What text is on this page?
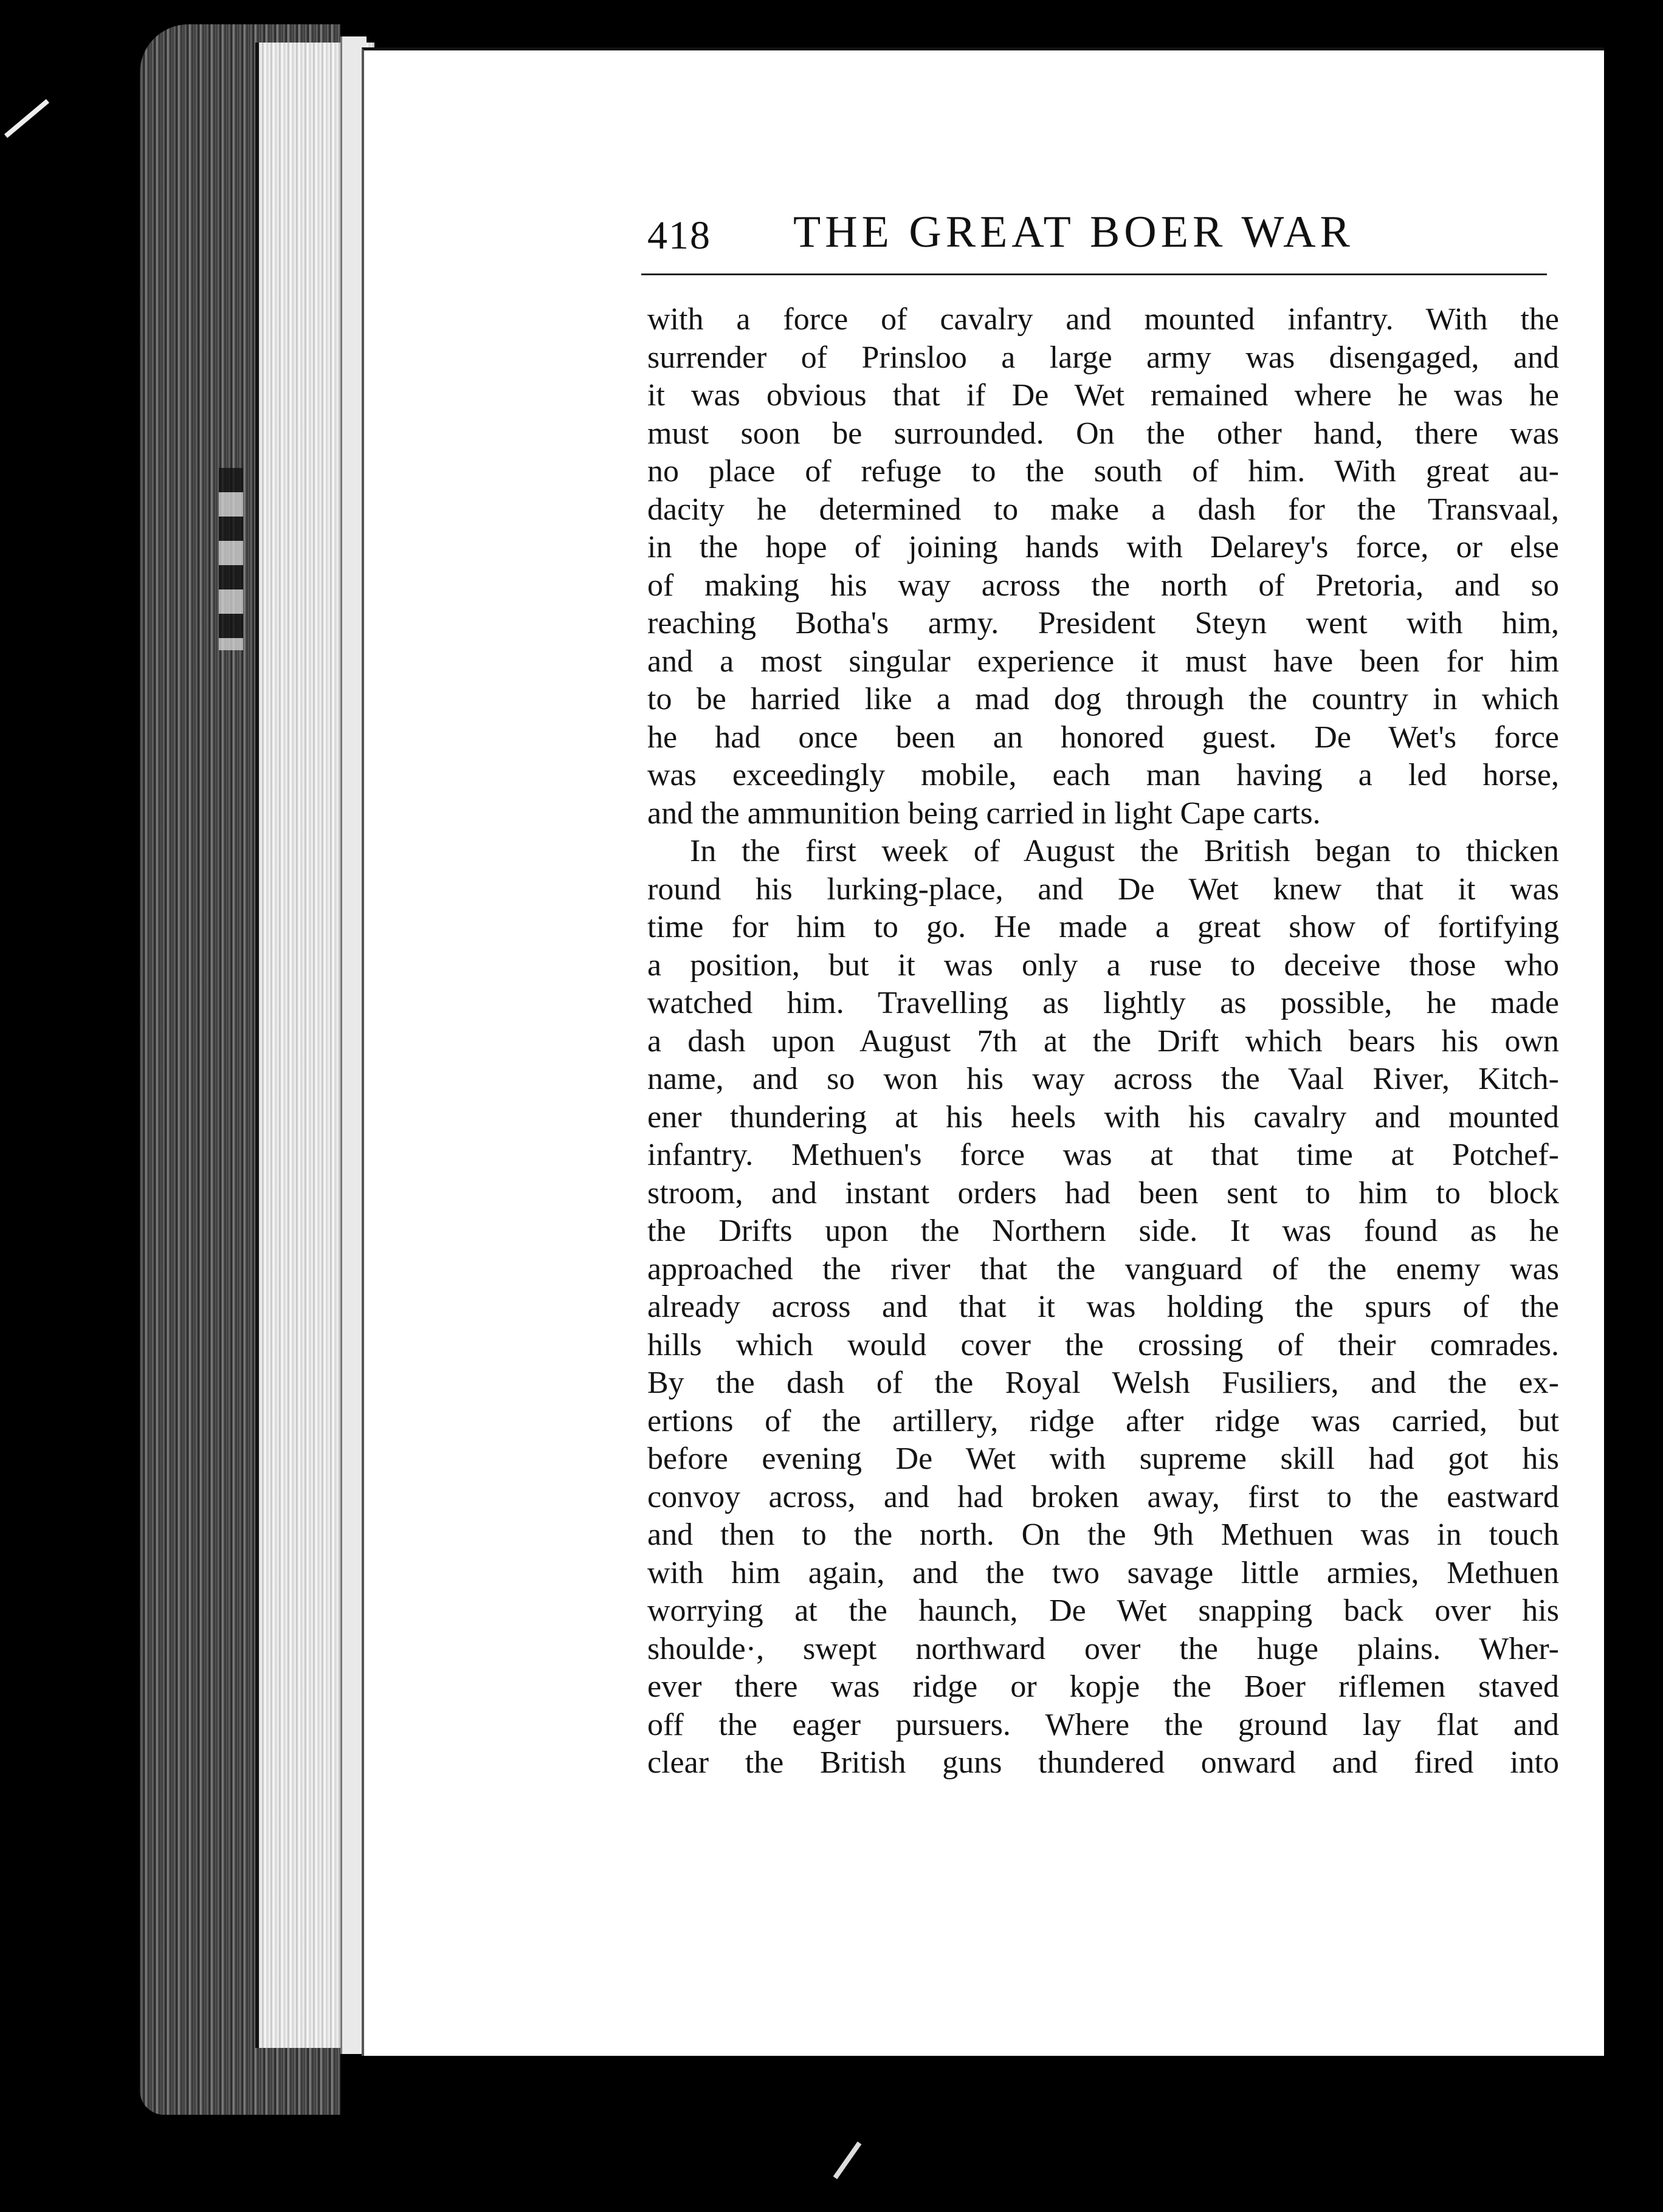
418 THE GREAT BOER WAR
with a force of cavalry and mounted infantry. With the
surrender of Prinsloo a large army was disengaged, and
it was obvious that if De Wet remained where he was he
must soon be surrounded. On the other hand, there was
no place of refuge to the south of him. With great au-
dacity he determined to make a dash for the Transvaal,
in the hope of joining hands with Delarey's force, or else
of making his way across the north of Pretoria, and so
reaching Botha's army. President Steyn went with him,
and a most singular experience it must have been for him
to be harried like a mad dog through the country in which
he had once been an honored guest. De Wet's force
was exceedingly mobile, each man having a led horse,
and the ammunition being carried in light Cape carts.
In the first week of August the British began to thicken
round his lurking-place, and De Wet knew that it was
time for him to go. He made a great show of fortifying
a position, but it was only a ruse to deceive those who
watched him. Travelling as lightly as possible, he made
a dash upon August 7th at the Drift which bears his own
name, and so won his way across the Vaal River, Kitch-
ener thundering at his heels with his cavalry and mounted
infantry. Methuen's force was at that time at Potchef-
stroom, and instant orders had been sent to him to block
the Drifts upon the Northern side. It was found as he
approached the river that the vanguard of the enemy was
already across and that it was holding the spurs of the
hills which would cover the crossing of their comrades.
By the dash of the Royal Welsh Fusiliers, and the ex-
ertions of the artillery, ridge after ridge was carried, but
before evening De Wet with supreme skill had got his
convoy across, and had broken away, first to the eastward
and then to the north. On the 9th Methuen was in touch
with him again, and the two savage little armies, Methuen
worrying at the haunch, De Wet snapping back over his
shoulde·, swept northward over the huge plains. Wher-
ever there was ridge or kopje the Boer riflemen staved
off the eager pursuers. Where the ground lay flat and
clear the British guns thundered onward and fired into
